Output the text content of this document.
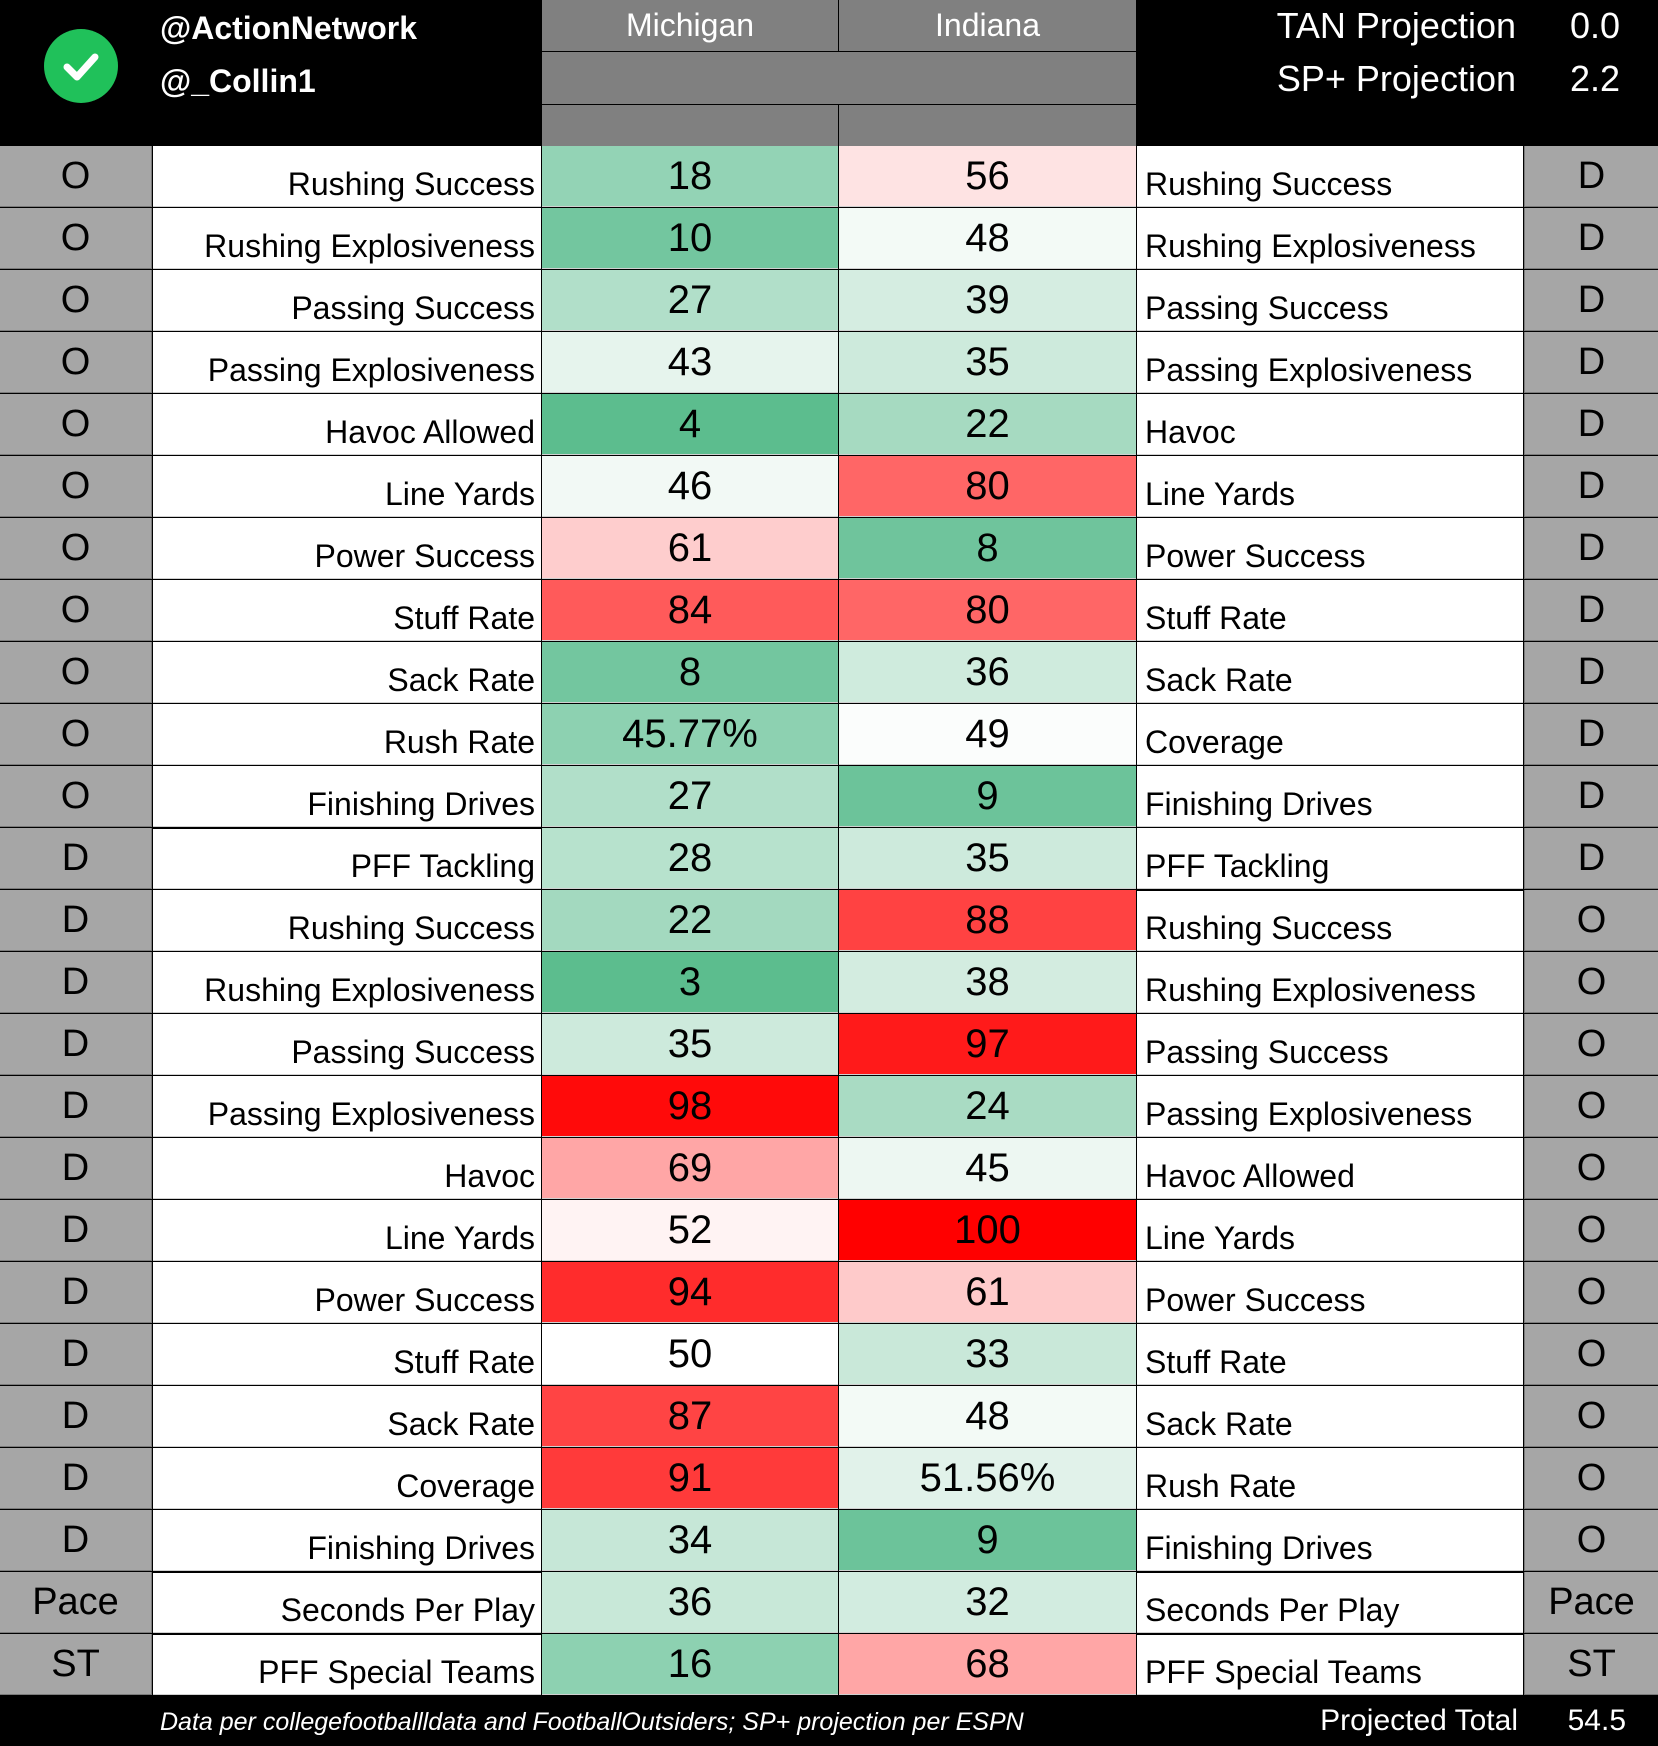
@ActionNetwork
@_Collin1
Michigan	Indiana	TAN Projection	0.0
SP+ Projection	2.2
O	Rushing Success	18	56	Rushing Success	D
O	Rushing Explosiveness	10	48	Rushing Explosiveness	D
O	Passing Success	27	39	Passing Success	D
O	Passing Explosiveness	43	35	Passing Explosiveness	D
O	Havoc Allowed	4	22	Havoc	D
O	Line Yards	46	80	Line Yards	D
O	Power Success	61	8	Power Success	D
O	Stuff Rate	84	80	Stuff Rate	D
O	Sack Rate	8	36	Sack Rate	D
O	Rush Rate	45.77%	49	Coverage	D
O	Finishing Drives	27	9	Finishing Drives	D
D	PFF Tackling	28	35	PFF Tackling	D
D	Rushing Success	22	88	Rushing Success	O
D	Rushing Explosiveness	3	38	Rushing Explosiveness	O
D	Passing Success	35	97	Passing Success	O
D	Passing Explosiveness	98	24	Passing Explosiveness	O
D	Havoc	69	45	Havoc Allowed	O
D	Line Yards	52	100	Line Yards	O
D	Power Success	94	61	Power Success	O
D	Stuff Rate	50	33	Stuff Rate	O
D	Sack Rate	87	48	Sack Rate	O
D	Coverage	91	51.56%	Rush Rate	O
D	Finishing Drives	34	9	Finishing Drives	O
Pace	Seconds Per Play	36	32	Seconds Per Play	Pace
ST	PFF Special Teams	16	68	PFF Special Teams	ST
Data per collegefootballldata and FootballOutsiders; SP+ projection per ESPN	Projected Total	54.5
